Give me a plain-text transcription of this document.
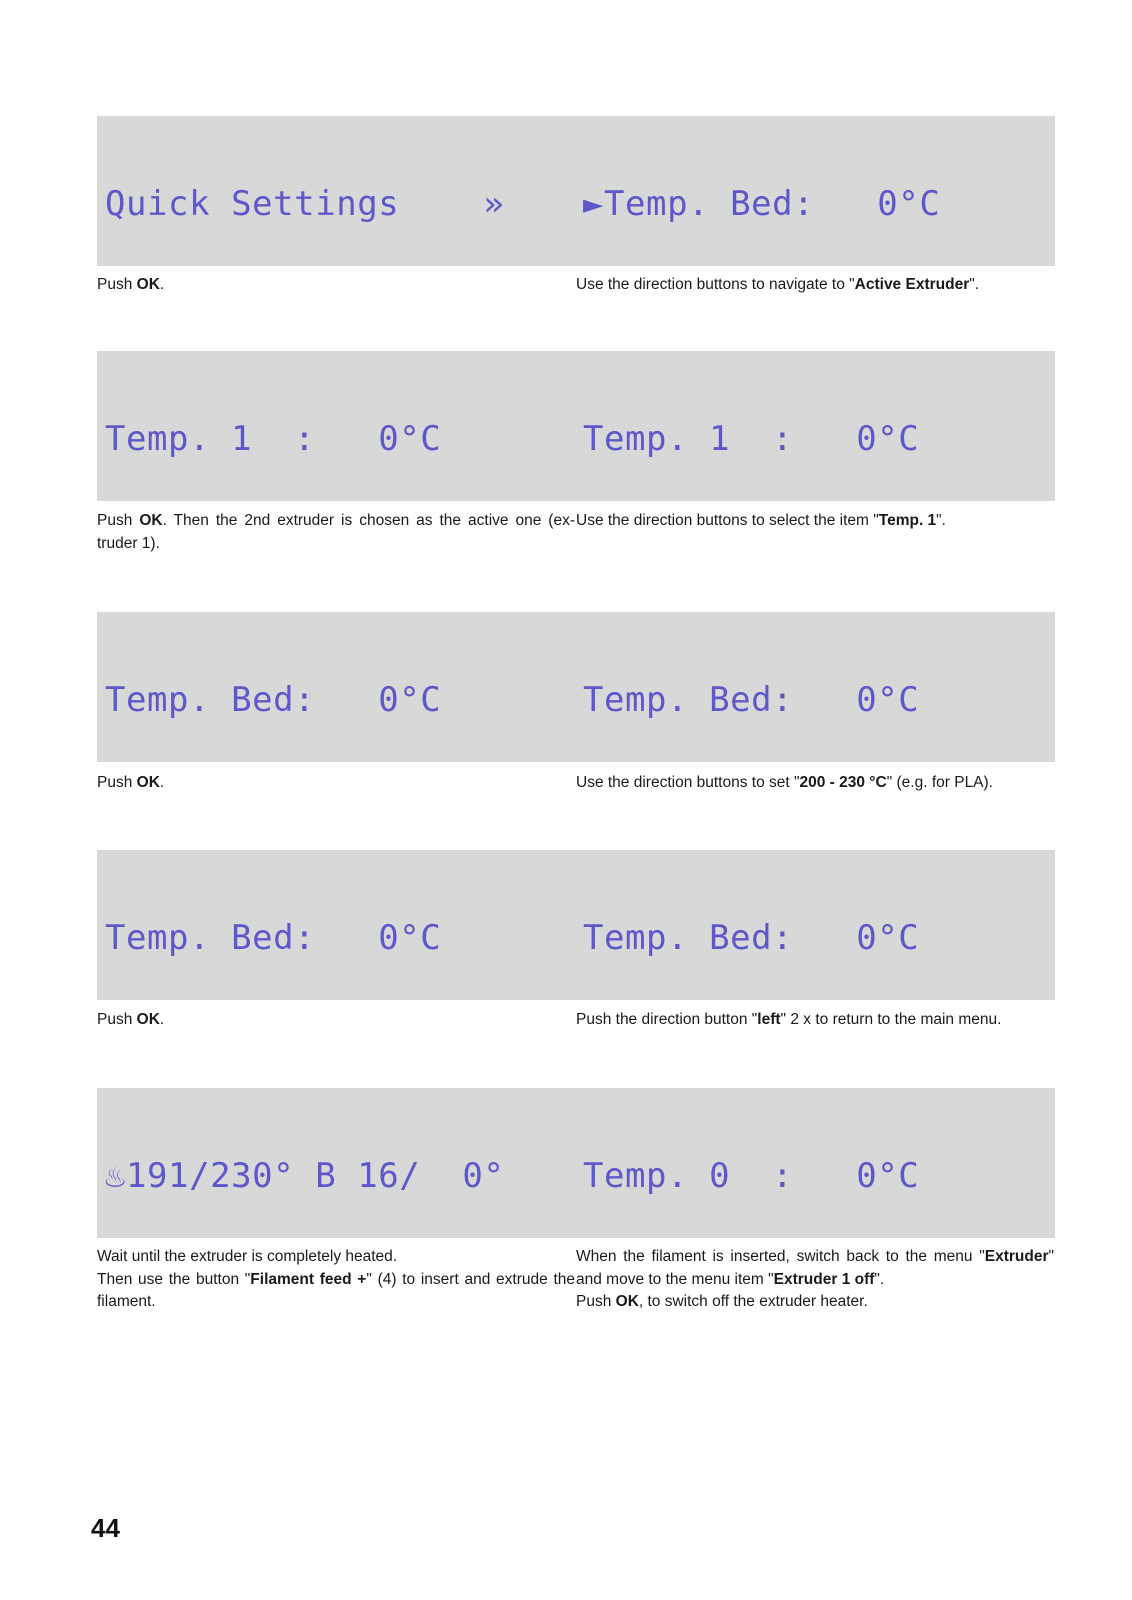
Quick Settings    »

	►Temp. Bed:   0°C

Push OK.	Use the direction buttons to navigate to "Active Extruder".

Temp. 1  :   0°C

	Temp. 1  :   0°C

Push OK. Then the 2nd extruder is chosen as the active one (ex-truder 1).
Use the direction buttons to select the item "Temp. 1".

Temp. Bed:   0°C

	Temp. Bed:   0°C

Push OK.	Use the direction buttons to set "200 - 230 °C" (e.g. for PLA).

Temp. Bed:   0°C

	Temp. Bed:   0°C

Push OK.	Push the direction button "left" 2 x to return to the main menu.

♨191/230° B 16/  0°

	Temp. 0  :   0°C

Wait until the extruder is completely heated.
Then use the button "Filament feed +" (4) to insert and extrude the filament.
When the filament is inserted, switch back to the menu "Extruder" and move to the menu item "Extruder 1 off".
Push OK, to switch off the extruder heater.
44
